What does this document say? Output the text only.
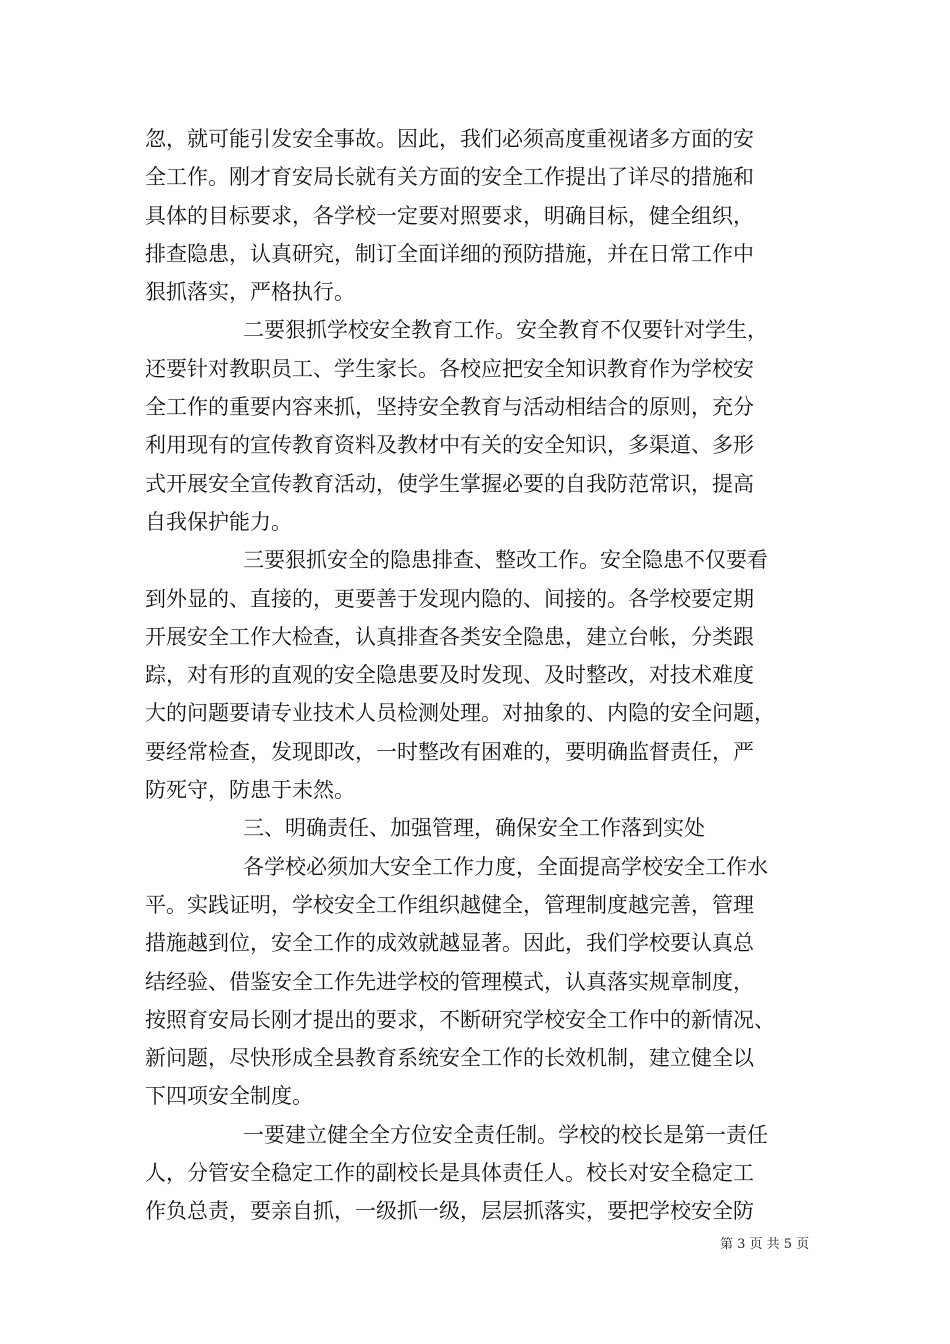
忽，就可能引发安全事故。因此，我们必须高度重视诸多方面的安
全工作。刚才育安局长就有关方面的安全工作提出了详尽的措施和
具体的目标要求，各学校一定要对照要求，明确目标，健全组织，
排查隐患，认真研究，制订全面详细的预防措施，并在日常工作中
狠抓落实，严格执行。
二要狠抓学校安全教育工作。安全教育不仅要针对学生，
还要针对教职员工、学生家长。各校应把安全知识教育作为学校安
全工作的重要内容来抓，坚持安全教育与活动相结合的原则，充分
利用现有的宣传教育资料及教材中有关的安全知识，多渠道、多形
式开展安全宣传教育活动，使学生掌握必要的自我防范常识，提高
自我保护能力。
三要狠抓安全的隐患排查、整改工作。安全隐患不仅要看
到外显的、直接的，更要善于发现内隐的、间接的。各学校要定期
开展安全工作大检查，认真排查各类安全隐患，建立台帐，分类跟
踪，对有形的直观的安全隐患要及时发现、及时整改，对技术难度
大的问题要请专业技术人员检测处理。对抽象的、内隐的安全问题，
要经常检查，发现即改，一时整改有困难的，要明确监督责任，严
防死守，防患于未然。
三、明确责任、加强管理，确保安全工作落到实处
各学校必须加大安全工作力度，全面提高学校安全工作水
平。实践证明，学校安全工作组织越健全，管理制度越完善，管理
措施越到位，安全工作的成效就越显著。因此，我们学校要认真总
结经验、借鉴安全工作先进学校的管理模式，认真落实规章制度，
按照育安局长刚才提出的要求，不断研究学校安全工作中的新情况、
新问题，尽快形成全县教育系统安全工作的长效机制，建立健全以
下四项安全制度。
一要建立健全全方位安全责任制。学校的校长是第一责任
人，分管安全稳定工作的副校长是具体责任人。校长对安全稳定工
作负总责，要亲自抓，一级抓一级，层层抓落实，要把学校安全防
第 3 页 共 5 页
